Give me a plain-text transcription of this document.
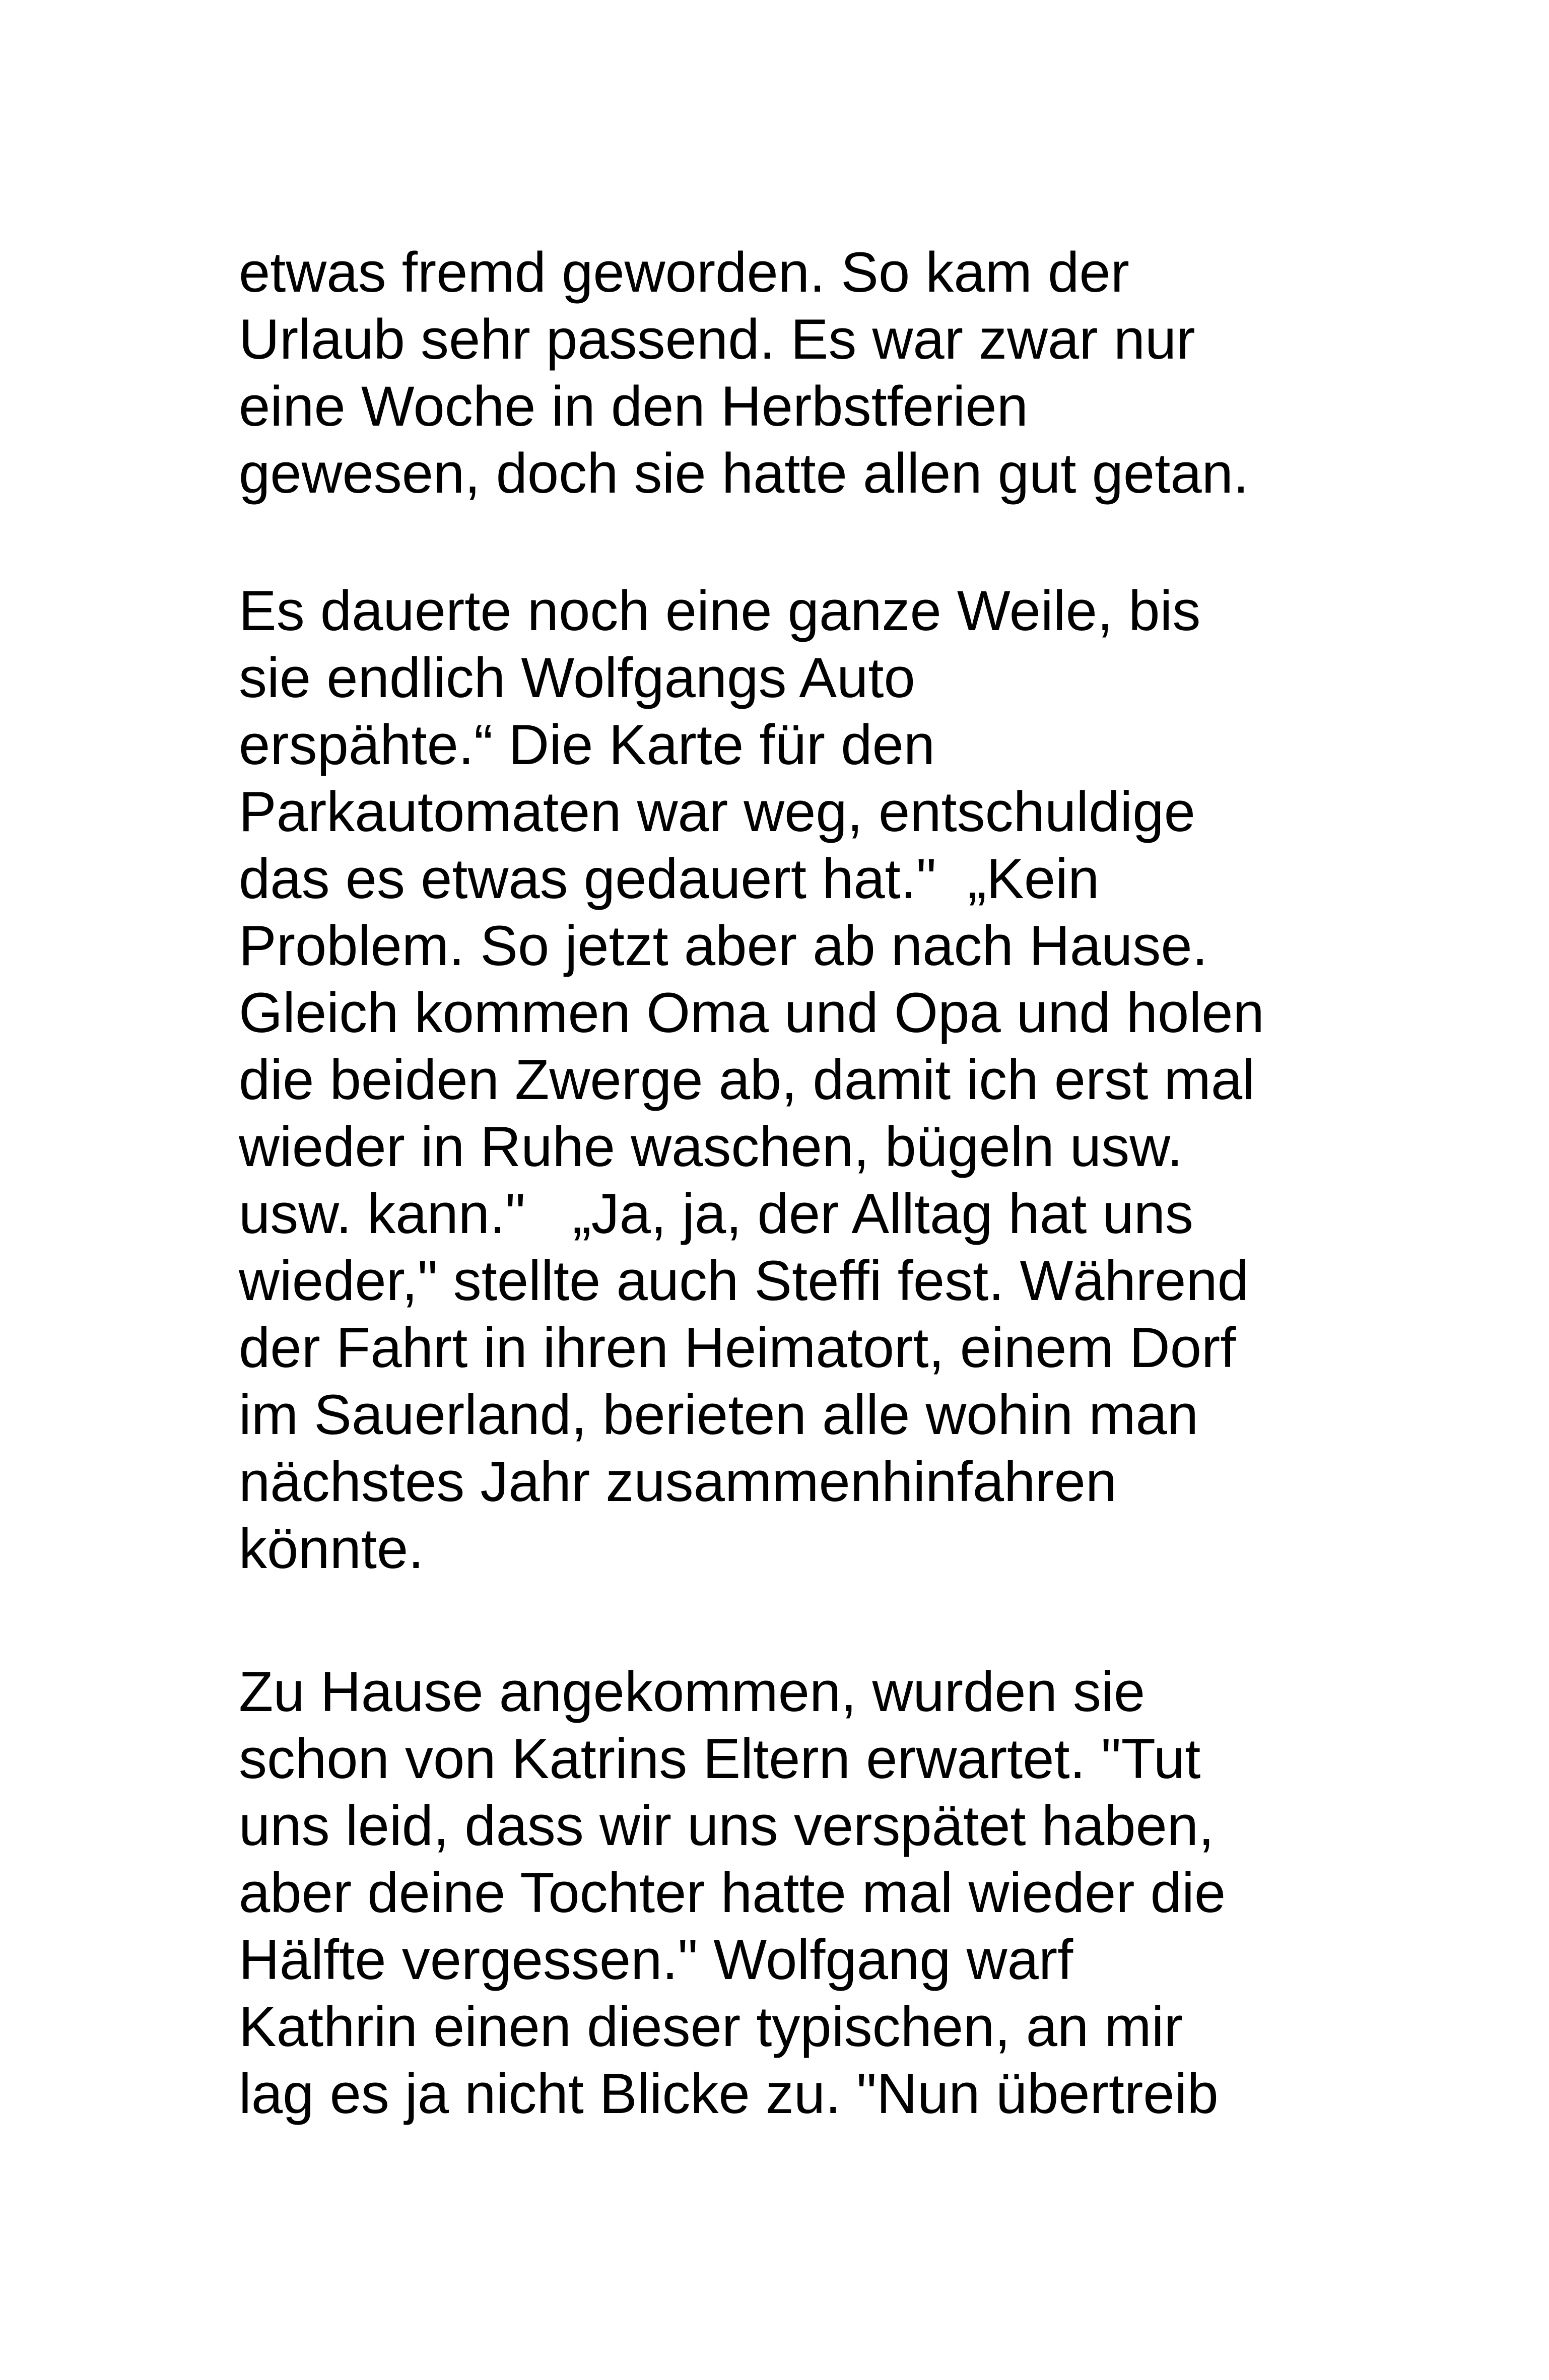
etwas fremd geworden. So kam der
Urlaub sehr passend. Es war zwar nur
eine Woche in den Herbstferien
gewesen, doch sie hatte allen gut getan.
Es dauerte noch eine ganze Weile, bis
sie endlich Wolfgangs Auto
erspähte.“ Die Karte für den
Parkautomaten war weg, entschuldige
das es etwas gedauert hat."  „Kein
Problem. So jetzt aber ab nach Hause.
Gleich kommen Oma und Opa und holen
die beiden Zwerge ab, damit ich erst mal
wieder in Ruhe waschen, bügeln usw.
usw. kann."   „Ja, ja, der Alltag hat uns
wieder," stellte auch Steffi fest. Während
der Fahrt in ihren Heimatort, einem Dorf
im Sauerland, berieten alle wohin man
nächstes Jahr zusammenhinfahren
könnte.
Zu Hause angekommen, wurden sie
schon von Katrins Eltern erwartet. "Tut
uns leid, dass wir uns verspätet haben,
aber deine Tochter hatte mal wieder die
Hälfte vergessen." Wolfgang warf
Kathrin einen dieser typischen, an mir
lag es ja nicht Blicke zu. "Nun übertreib
